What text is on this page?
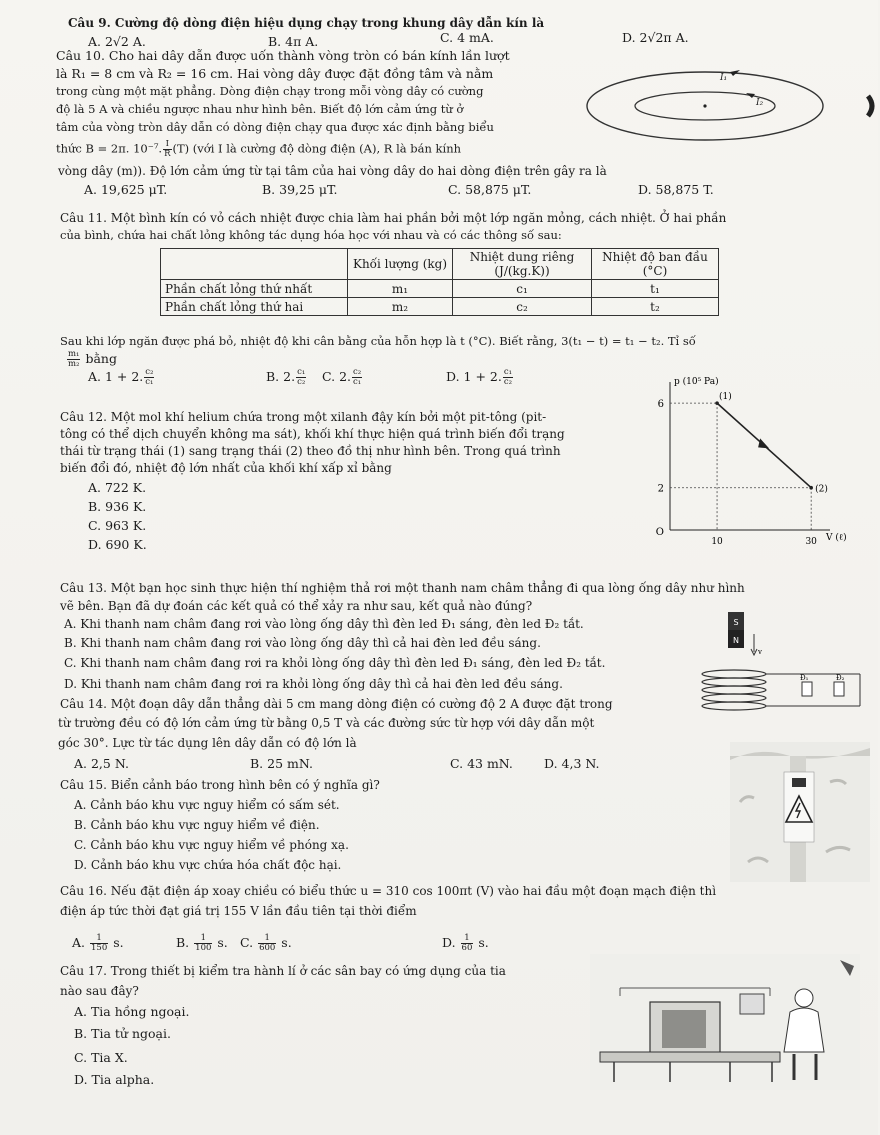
Câu 9. Cường độ dòng điện hiệu dụng chạy trong khung dây dẫn kín là
A. 2√2 A.	B. 4π A.	C. 4 mA.	D. 2√2π A.
Câu 10. Cho hai dây dẫn được uốn thành vòng tròn có bán kính lần lượt
là R₁ = 8 cm và R₂ = 16 cm. Hai vòng dây được đặt đồng tâm và nằm
trong cùng một mặt phẳng. Dòng điện chạy trong mỗi vòng dây có cường
độ là 5 A và chiều ngược nhau như hình bên. Biết độ lớn cảm ứng từ ở
tâm của vòng tròn dây dẫn có dòng điện chạy qua được xác định bằng biểu
thức B = 2π. 10⁻⁷. $\frac{I}{R} (T)$ (với I là cường độ dòng điện (A), R là bán kính
vòng dây (m)). Độ lớn cảm ứng từ tại tâm của hai vòng dây do hai dòng điện trên gây ra là
A. 19,625 μT.	B. 39,25 μT.	C. 58,875 μT.	D. 58,875 T.
I₁
I₂
Câu 11. Một bình kín có vỏ cách nhiệt được chia làm hai phần bởi một lớp ngăn mỏng, cách nhiệt. Ở hai phần
của bình, chứa hai chất lỏng không tác dụng hóa học với nhau và có các thông số sau:
	Khối lượng (kg)	Nhiệt dung riêng (J/(kg.K))	Nhiệt độ ban đầu (°C)
Phần chất lỏng thứ nhất	m₁	c₁	t₁
Phần chất lỏng thứ hai	m₂	c₂	t₂
Sau khi lớp ngăn được phá bỏ, nhiệt độ khi cân bằng của hỗn hợp là t (°C). Biết rằng, 3(t₁ − t) = t₁ − t₂. Tỉ số
$\frac{\text{m₁}}{\text{m₂}}$ bằng
A. 1 + 2. $\frac{\text{c₂}}{\text{c₁}}$	B. 2. $\frac{\text{c₁}}{\text{c₂}} C$. 2. $\frac{\text{c₂}}{\text{c₁}}$	D. 1 + 2. $\frac{\text{c₁}}{\text{c₂}}$
Câu 12. Một mol khí helium chứa trong một xilanh đậy kín bởi một pit-tông (pit-
tông có thể dịch chuyển không ma sát), khối khí thực hiện quá trình biến đổi trạng
thái từ trạng thái (1) sang trạng thái (2) theo đồ thị như hình bên. Trong quá trình
biến đổi đó, nhiệt độ lớn nhất của khối khí xấp xỉ bằng
A. 722 K.
B. 936 K.
C. 963 K.
D. 690 K.
6
2
10	30
(1)
(2)
O
p (10⁵ Pa)
V (ℓ)
Câu 13. Một bạn học sinh thực hiện thí nghiệm thả rơi một thanh nam châm thẳng đi qua lòng ống dây như hình
vẽ bên. Bạn đã dự đoán các kết quả có thể xảy ra như sau, kết quả nào đúng?
A. Khi thanh nam châm đang rơi vào lòng ống dây thì đèn led Đ₁ sáng, đèn led Đ₂ tắt.
B. Khi thanh nam châm đang rơi vào lòng ống dây thì cả hai đèn led đều sáng.
C. Khi thanh nam châm đang rơi ra khỏi lòng ống dây thì đèn led Đ₁ sáng, đèn led Đ₂ tắt.
D. Khi thanh nam châm đang rơi ra khỏi lòng ống dây thì cả hai đèn led đều sáng.
S
N
v
Đ₁	Đ₂
Câu 14. Một đoạn dây dẫn thẳng dài 5 cm mang dòng điện có cường độ 2 A được đặt trong
từ trường đều có độ lớn cảm ứng từ bằng 0,5 T và các đường sức từ hợp với dây dẫn một
góc 30°. Lực từ tác dụng lên dây dẫn có độ lớn là
A. 2,5 N.	B. 25 mN.	C. 43 mN. D. 4,3 N.
Câu 15. Biển cảnh báo trong hình bên có ý nghĩa gì?
A. Cảnh báo khu vực nguy hiểm có sấm sét.
B. Cảnh báo khu vực nguy hiểm về điện.
C. Cảnh báo khu vực nguy hiểm về phóng xạ.
D. Cảnh báo khu vực chứa hóa chất độc hại.
Câu 16. Nếu đặt điện áp xoay chiều có biểu thức u = 310 cos 100πt (V) vào hai đầu một đoạn mạch điện thì
điện áp tức thời đạt giá trị 155 V lần đầu tiên tại thời điểm
A. $\frac{1}{150} s$.	B. $\frac{1}{100} s$. C. $\frac{1}{600} s$.	D. $\frac{1}{60} s$.
Câu 17. Trong thiết bị kiểm tra hành lí ở các sân bay có ứng dụng của tia
nào sau đây?
A. Tia hồng ngoại.
B. Tia tử ngoại.
C. Tia X.
D. Tia alpha.
